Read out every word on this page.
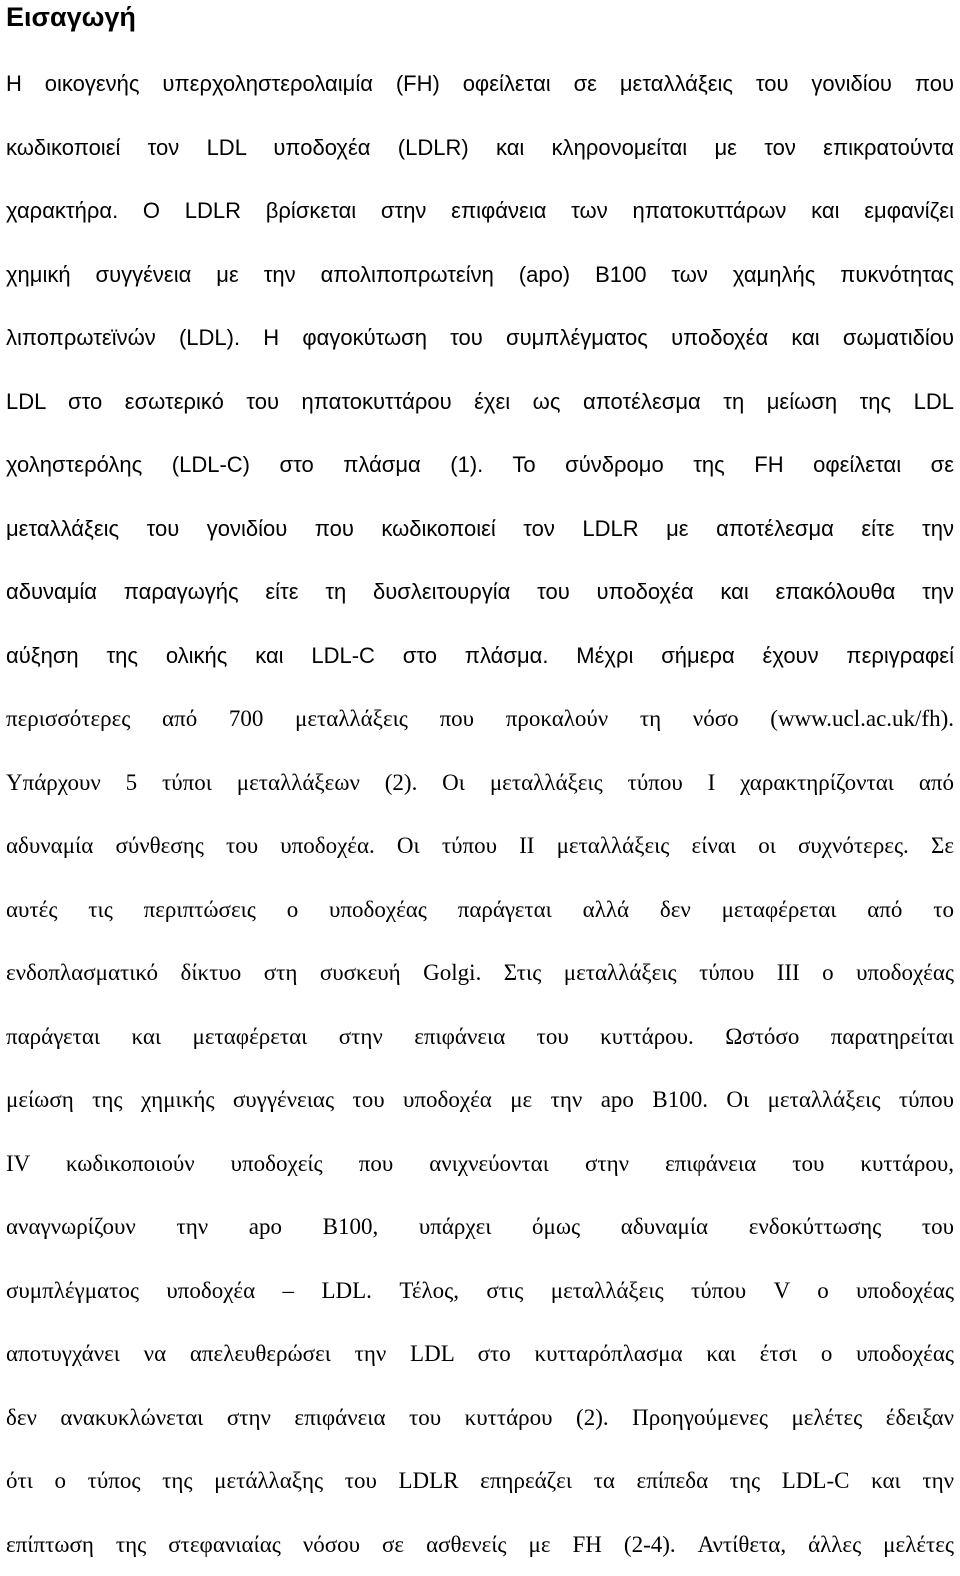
Εισαγωγή
Η οικογενής υπερχοληστερολαιμία (FH) οφείλεται σε μεταλλάξεις του γονιδίου που
κωδικοποιεί τον LDL υποδοχέα (LDLR) και κληρονομείται με τον επικρατούντα
χαρακτήρα. Ο LDLR βρίσκεται στην επιφάνεια των ηπατοκυττάρων και εμφανίζει
χημική συγγένεια με την απολιποπρωτείνη (apo) B100 των χαμηλής πυκνότητας
λιποπρωτεϊνών (LDL). Η φαγοκύτωση του συμπλέγματος υποδοχέα και σωματιδίου
LDL στο εσωτερικό του ηπατοκυττάρου έχει ως αποτέλεσμα τη μείωση της LDL
χοληστερόλης (LDL-C) στο πλάσμα (1). Το σύνδρομο της FH οφείλεται σε
μεταλλάξεις του γονιδίου που κωδικοποιεί τον LDLR με αποτέλεσμα είτε την
αδυναμία παραγωγής είτε τη δυσλειτουργία του υποδοχέα και επακόλουθα την
αύξηση της ολικής και LDL-C στο πλάσμα. Μέχρι σήμερα έχουν περιγραφεί
περισσότερες από 700 μεταλλάξεις που προκαλούν τη νόσο (www.ucl.ac.uk/fh).
Υπάρχουν 5 τύποι μεταλλάξεων (2). Οι μεταλλάξεις τύπου I χαρακτηρίζονται από
αδυναμία σύνθεσης του υποδοχέα. Οι τύπου II μεταλλάξεις είναι οι συχνότερες. Σε
αυτές τις περιπτώσεις ο υποδοχέας παράγεται αλλά δεν μεταφέρεται από το
ενδοπλασματικό δίκτυο στη συσκευή Golgi. Στις μεταλλάξεις τύπου III ο υποδοχέας
παράγεται και μεταφέρεται στην επιφάνεια του κυττάρου. Ωστόσο παρατηρείται
μείωση της χημικής συγγένειας του υποδοχέα με την apo B100. Οι μεταλλάξεις τύπου
IV κωδικοποιούν υποδοχείς που ανιχνεύονται στην επιφάνεια του κυττάρου,
αναγνωρίζουν την apo B100, υπάρχει όμως αδυναμία ενδοκύττωσης του
συμπλέγματος υποδοχέα – LDL. Τέλος, στις μεταλλάξεις τύπου V ο υποδοχέας
αποτυγχάνει να απελευθερώσει την LDL στο κυτταρόπλασμα και έτσι ο υποδοχέας
δεν ανακυκλώνεται στην επιφάνεια του κυττάρου (2). Προηγούμενες μελέτες έδειξαν
ότι ο τύπος της μετάλλαξης του LDLR επηρεάζει τα επίπεδα της LDL-C και την
επίπτωση της στεφανιαίας νόσου σε ασθενείς με FH (2-4). Αντίθετα, άλλες μελέτες
